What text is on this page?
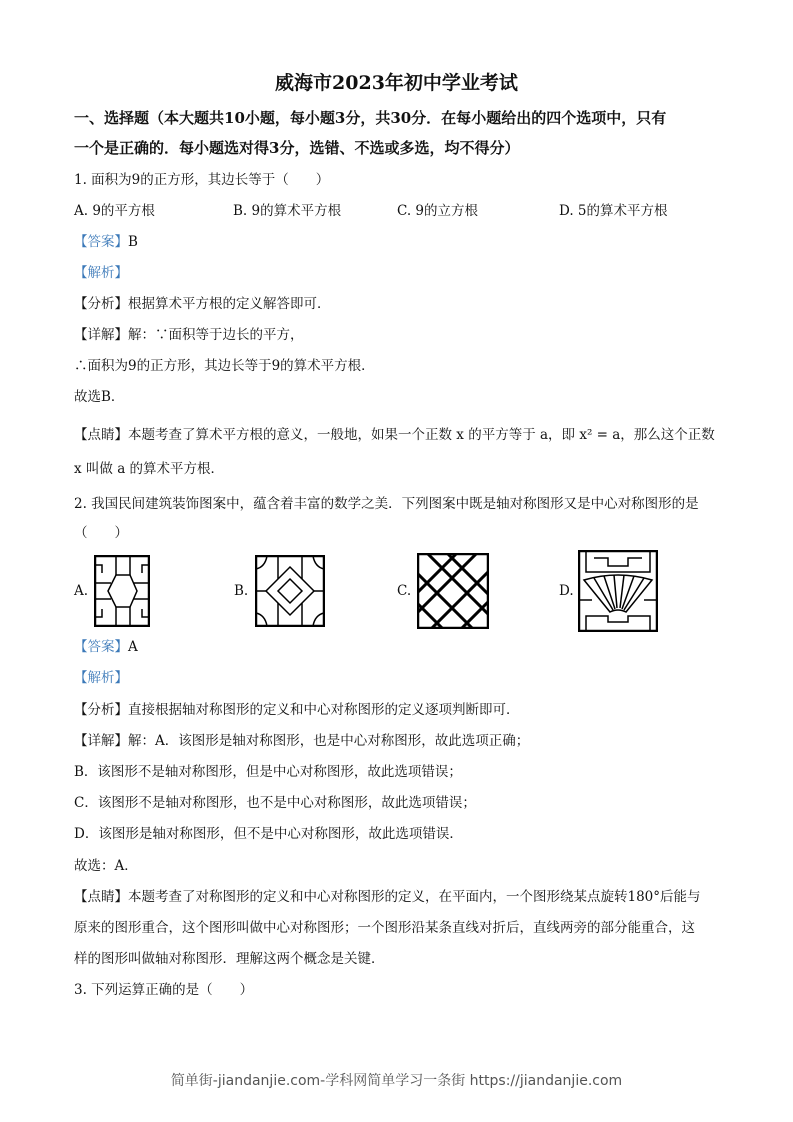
威海市2023年初中学业考试
一、选择题（本大题共10小题，每小题3分，共30分．在每小题给出的四个选项中，只有
一个是正确的．每小题选对得3分，选错、不选或多选，均不得分）
1. 面积为9的正方形，其边长等于（　　）
A. 9的平方根	B. 9的算术平方根	C. 9的立方根	D. 5的算术平方根
【答案】B
【解析】
【分析】根据算术平方根的定义解答即可．
【详解】解：∵面积等于边长的平方，
∴面积为9的正方形，其边长等于9的算术平方根．
故选B．
【点睛】本题考查了算术平方根的意义，一般地，如果一个正数 x 的平方等于 a，即 x² = a，那么这个正数
x 叫做 a 的算术平方根．
2. 我国民间建筑装饰图案中，蕴含着丰富的数学之美．下列图案中既是轴对称图形又是中心对称图形的是
（　　）
A.	B.	C.	D.
【答案】A
【解析】
【分析】直接根据轴对称图形的定义和中心对称图形的定义逐项判断即可．
【详解】解：A．该图形是轴对称图形，也是中心对称图形，故此选项正确；
B．该图形不是轴对称图形，但是中心对称图形，故此选项错误；
C．该图形不是轴对称图形，也不是中心对称图形，故此选项错误；
D．该图形是轴对称图形，但不是中心对称图形，故此选项错误．
故选：A．
【点睛】本题考查了对称图形的定义和中心对称图形的定义，在平面内，一个图形绕某点旋转180°后能与
原来的图形重合，这个图形叫做中心对称图形；一个图形沿某条直线对折后，直线两旁的部分能重合，这
样的图形叫做轴对称图形．理解这两个概念是关键．
3. 下列运算正确的是（　　）
简单街-jiandanjie.com-学科网简单学习一条街 https://jiandanjie.com
